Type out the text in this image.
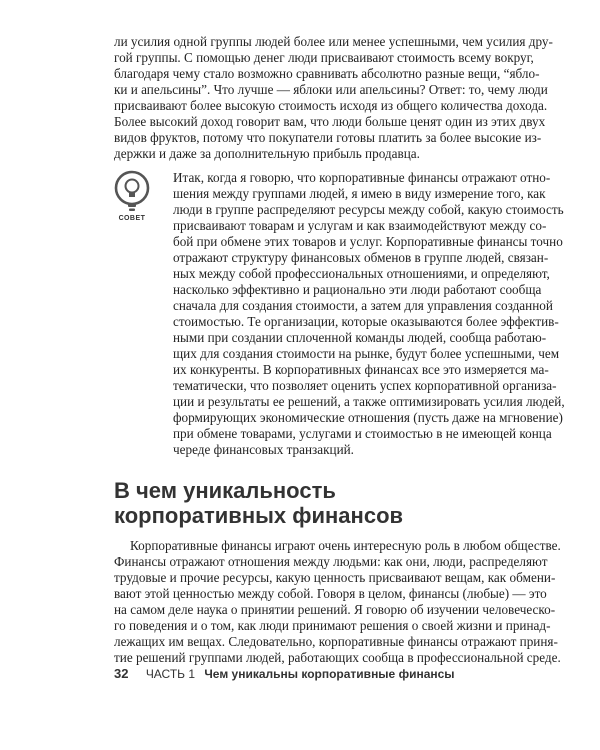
ли усилия одной группы людей более или менее успешными, чем усилия дру-
гой группы. С помощью денег люди присваивают стоимость всему вокруг,
благодаря чему стало возможно сравнивать абсолютно разные вещи, “ябло-
ки и апельсины”. Что лучше — яблоки или апельсины? Ответ: то, чему люди
присваивают более высокую стоимость исходя из общего количества дохода.
Более высокий доход говорит вам, что люди больше ценят один из этих двух
видов фруктов, потому что покупатели готовы платить за более высокие из-
держки и даже за дополнительную прибыль продавца.
СОВЕТ
Итак, когда я говорю, что корпоративные финансы отражают отно-
шения между группами людей, я имею в виду измерение того, как
люди в группе распределяют ресурсы между собой, какую стоимость
присваивают товарам и услугам и как взаимодействуют между со-
бой при обмене этих товаров и услуг. Корпоративные финансы точно
отражают структуру финансовых обменов в группе людей, связан-
ных между собой профессиональных отношениями, и определяют,
насколько эффективно и рационально эти люди работают сообща
сначала для создания стоимости, а затем для управления созданной
стоимостью. Те организации, которые оказываются более эффектив-
ными при создании сплоченной команды людей, сообща работаю-
щих для создания стоимости на рынке, будут более успешными, чем
их конкуренты. В корпоративных финансах все это измеряется ма-
тематически, что позволяет оценить успех корпоративной организа-
ции и результаты ее решений, а также оптимизировать усилия людей,
формирующих экономические отношения (пусть даже на мгновение)
при обмене товарами, услугами и стоимостью в не имеющей конца
череде финансовых транзакций.
В чем уникальность
корпоративных финансов
Корпоративные финансы играют очень интересную роль в любом обществе.
Финансы отражают отношения между людьми: как они, люди, распределяют
трудовые и прочие ресурсы, какую ценность присваивают вещам, как обмени-
вают этой ценностью между собой. Говоря в целом, финансы (любые) — это
на самом деле наука о принятии решений. Я говорю об изучении человеческо-
го поведения и о том, как люди принимают решения о своей жизни и принад-
лежащих им вещах. Следовательно, корпоративные финансы отражают приня-
тие решений группами людей, работающих сообща в профессиональной среде.
32 ЧАСТЬ 1 Чем уникальны корпоративные финансы
